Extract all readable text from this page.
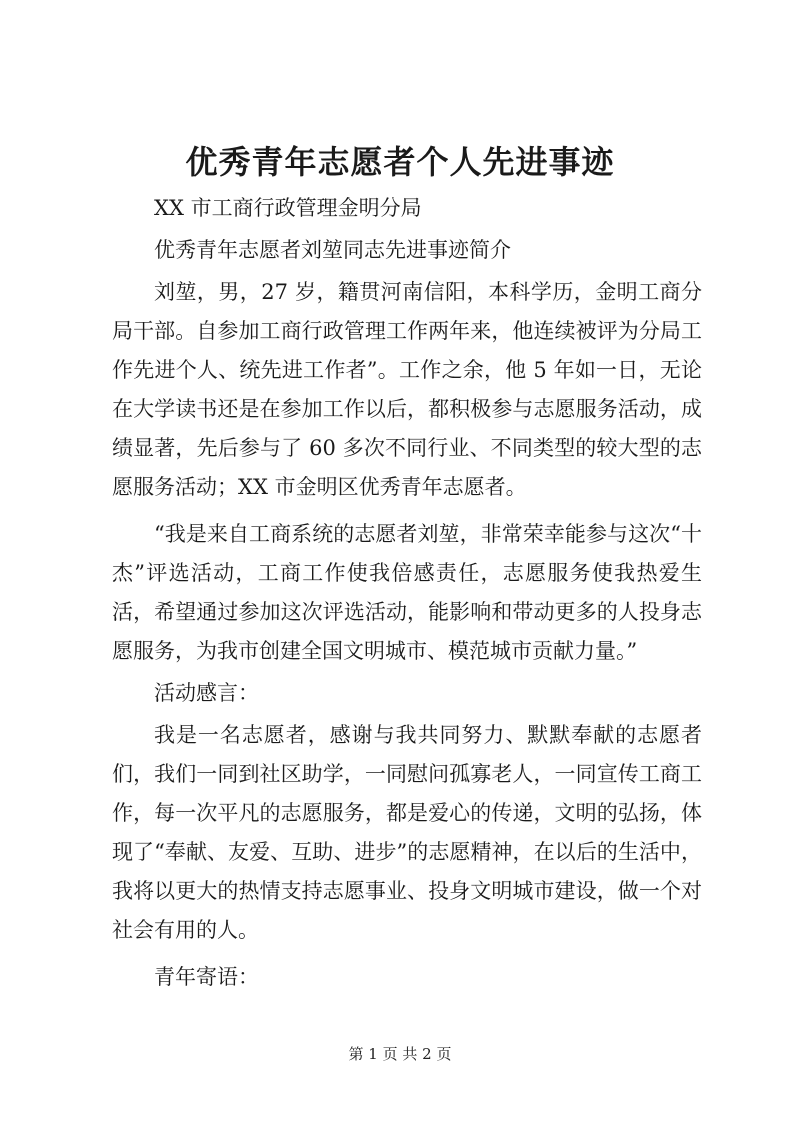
优秀青年志愿者个人先进事迹

XX 市工商行政管理金明分局

优秀青年志愿者刘堃同志先进事迹简介

刘堃，男，27 岁，籍贯河南信阳，本科学历，金明工商分局干部。自参加工商行政管理工作两年来，他连续被评为分局工作先进个人、统先进工作者”。工作之余，他 5 年如一日，无论在大学读书还是在参加工作以后，都积极参与志愿服务活动，成绩显著，先后参与了 60 多次不同行业、不同类型的较大型的志愿服务活动；XX 市金明区优秀青年志愿者。

“我是来自工商系统的志愿者刘堃，非常荣幸能参与这次“十杰”评选活动，工商工作使我倍感责任，志愿服务使我热爱生活，希望通过参加这次评选活动，能影响和带动更多的人投身志愿服务，为我市创建全国文明城市、模范城市贡献力量。”

活动感言：

我是一名志愿者，感谢与我共同努力、默默奉献的志愿者们，我们一同到社区助学，一同慰问孤寡老人，一同宣传工商工作，每一次平凡的志愿服务，都是爱心的传递，文明的弘扬，体现了“奉献、友爱、互助、进步”的志愿精神，在以后的生活中，我将以更大的热情支持志愿事业、投身文明城市建设，做一个对社会有用的人。

青年寄语：

第 1 页 共 2 页
